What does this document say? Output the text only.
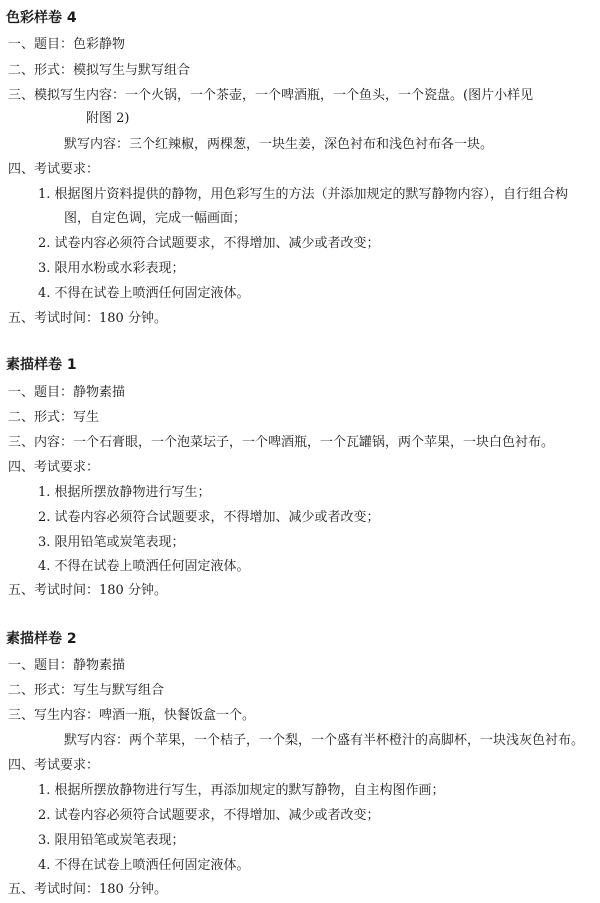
色彩样卷 4
一、题目：色彩静物
二、形式：模拟写生与默写组合
三、模拟写生内容：一个火锅，一个茶壶，一个啤酒瓶，一个鱼头，一个瓷盘。(图片小样见
附图 2)
默写内容：三个红辣椒，两棵葱，一块生姜，深色衬布和浅色衬布各一块。
四、考试要求：
1. 根据图片资料提供的静物，用色彩写生的方法（并添加规定的默写静物内容），自行组合构
图，自定色调，完成一幅画面；
2. 试卷内容必须符合试题要求，不得增加、减少或者改变；
3. 限用水粉或水彩表现；
4. 不得在试卷上喷洒任何固定液体。
五、考试时间：180 分钟。
素描样卷 1
一、题目：静物素描
二、形式：写生
三、内容：一个石膏眼，一个泡菜坛子，一个啤酒瓶，一个瓦罐锅，两个苹果，一块白色衬布。
四、考试要求：
1. 根据所摆放静物进行写生；
2. 试卷内容必须符合试题要求，不得增加、减少或者改变；
3. 限用铅笔或炭笔表现；
4. 不得在试卷上喷洒任何固定液体。
五、考试时间：180 分钟。
素描样卷 2
一、题目：静物素描
二、形式：写生与默写组合
三、写生内容：啤酒一瓶，快餐饭盒一个。
默写内容：两个苹果，一个桔子，一个梨，一个盛有半杯橙汁的高脚杯，一块浅灰色衬布。
四、考试要求：
1. 根据所摆放静物进行写生，再添加规定的默写静物，自主构图作画；
2. 试卷内容必须符合试题要求，不得增加、减少或者改变；
3. 限用铅笔或炭笔表现；
4. 不得在试卷上喷洒任何固定液体。
五、考试时间：180 分钟。
